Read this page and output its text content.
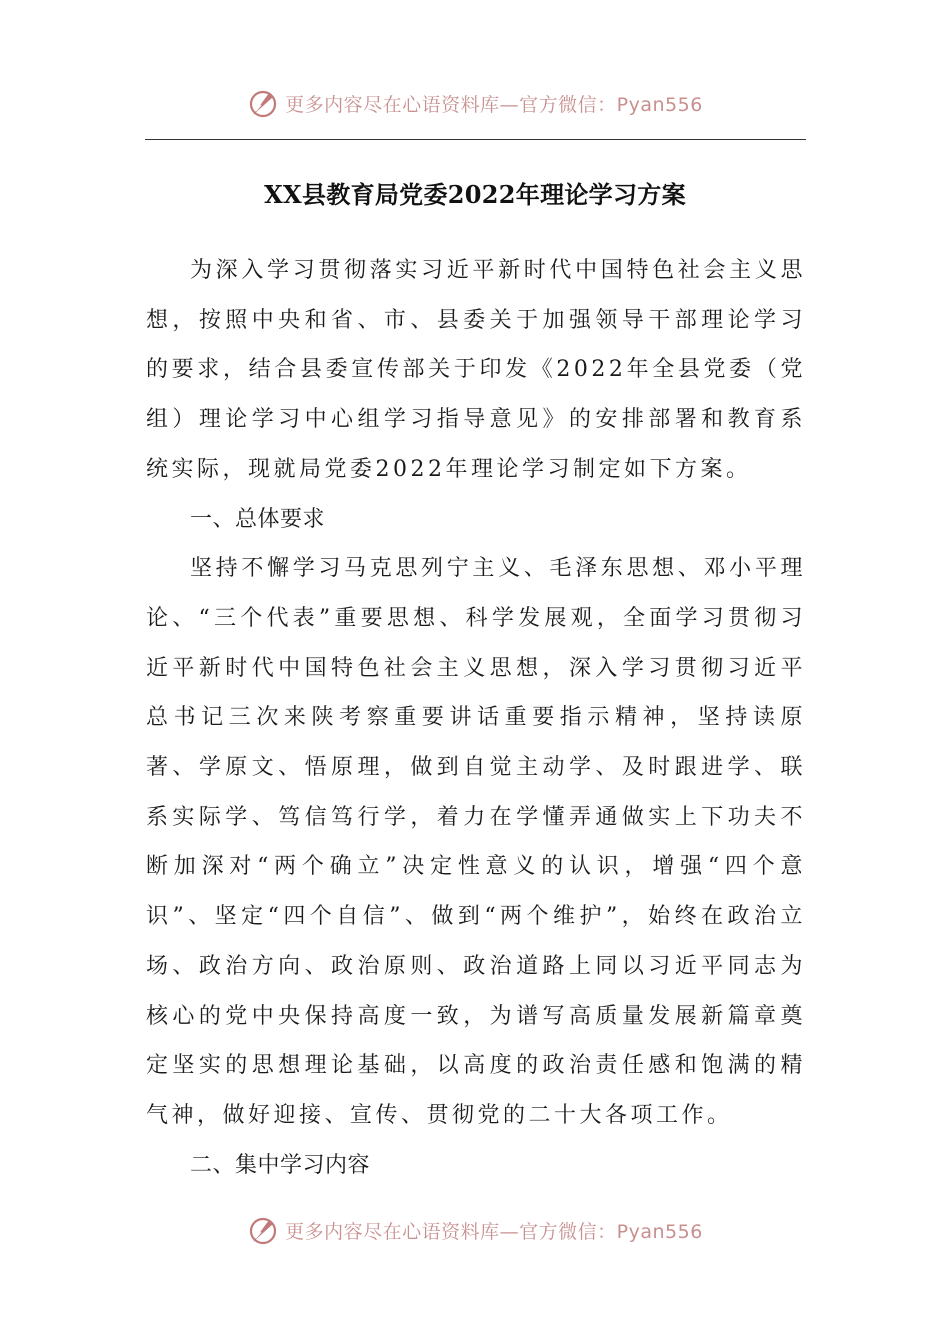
更多内容尽在心语资料库—官方微信：Pyan556
XX县教育局党委2022年理论学习方案

为深入学习贯彻落实习近平新时代中国特色社会主义思想，按照中央和省、市、县委关于加强领导干部理论学习的要求，结合县委宣传部关于印发《2022年全县党委（党组）理论学习中心组学习指导意见》的安排部署和教育系统实际，现就局党委2022年理论学习制定如下方案。

一、总体要求

坚持不懈学习马克思列宁主义、毛泽东思想、邓小平理论、“三个代表”重要思想、科学发展观，全面学习贯彻习近平新时代中国特色社会主义思想，深入学习贯彻习近平总书记三次来陕考察重要讲话重要指示精神，坚持读原著、学原文、悟原理，做到自觉主动学、及时跟进学、联系实际学、笃信笃行学，着力在学懂弄通做实上下功夫不断加深对“两个确立”决定性意义的认识，增强“四个意识”、坚定“四个自信”、做到“两个维护”，始终在政治立场、政治方向、政治原则、政治道路上同以习近平同志为核心的党中央保持高度一致，为谱写高质量发展新篇章奠定坚实的思想理论基础，以高度的政治责任感和饱满的精气神，做好迎接、宣传、贯彻党的二十大各项工作。

二、集中学习内容

更多内容尽在心语资料库—官方微信：Pyan556
